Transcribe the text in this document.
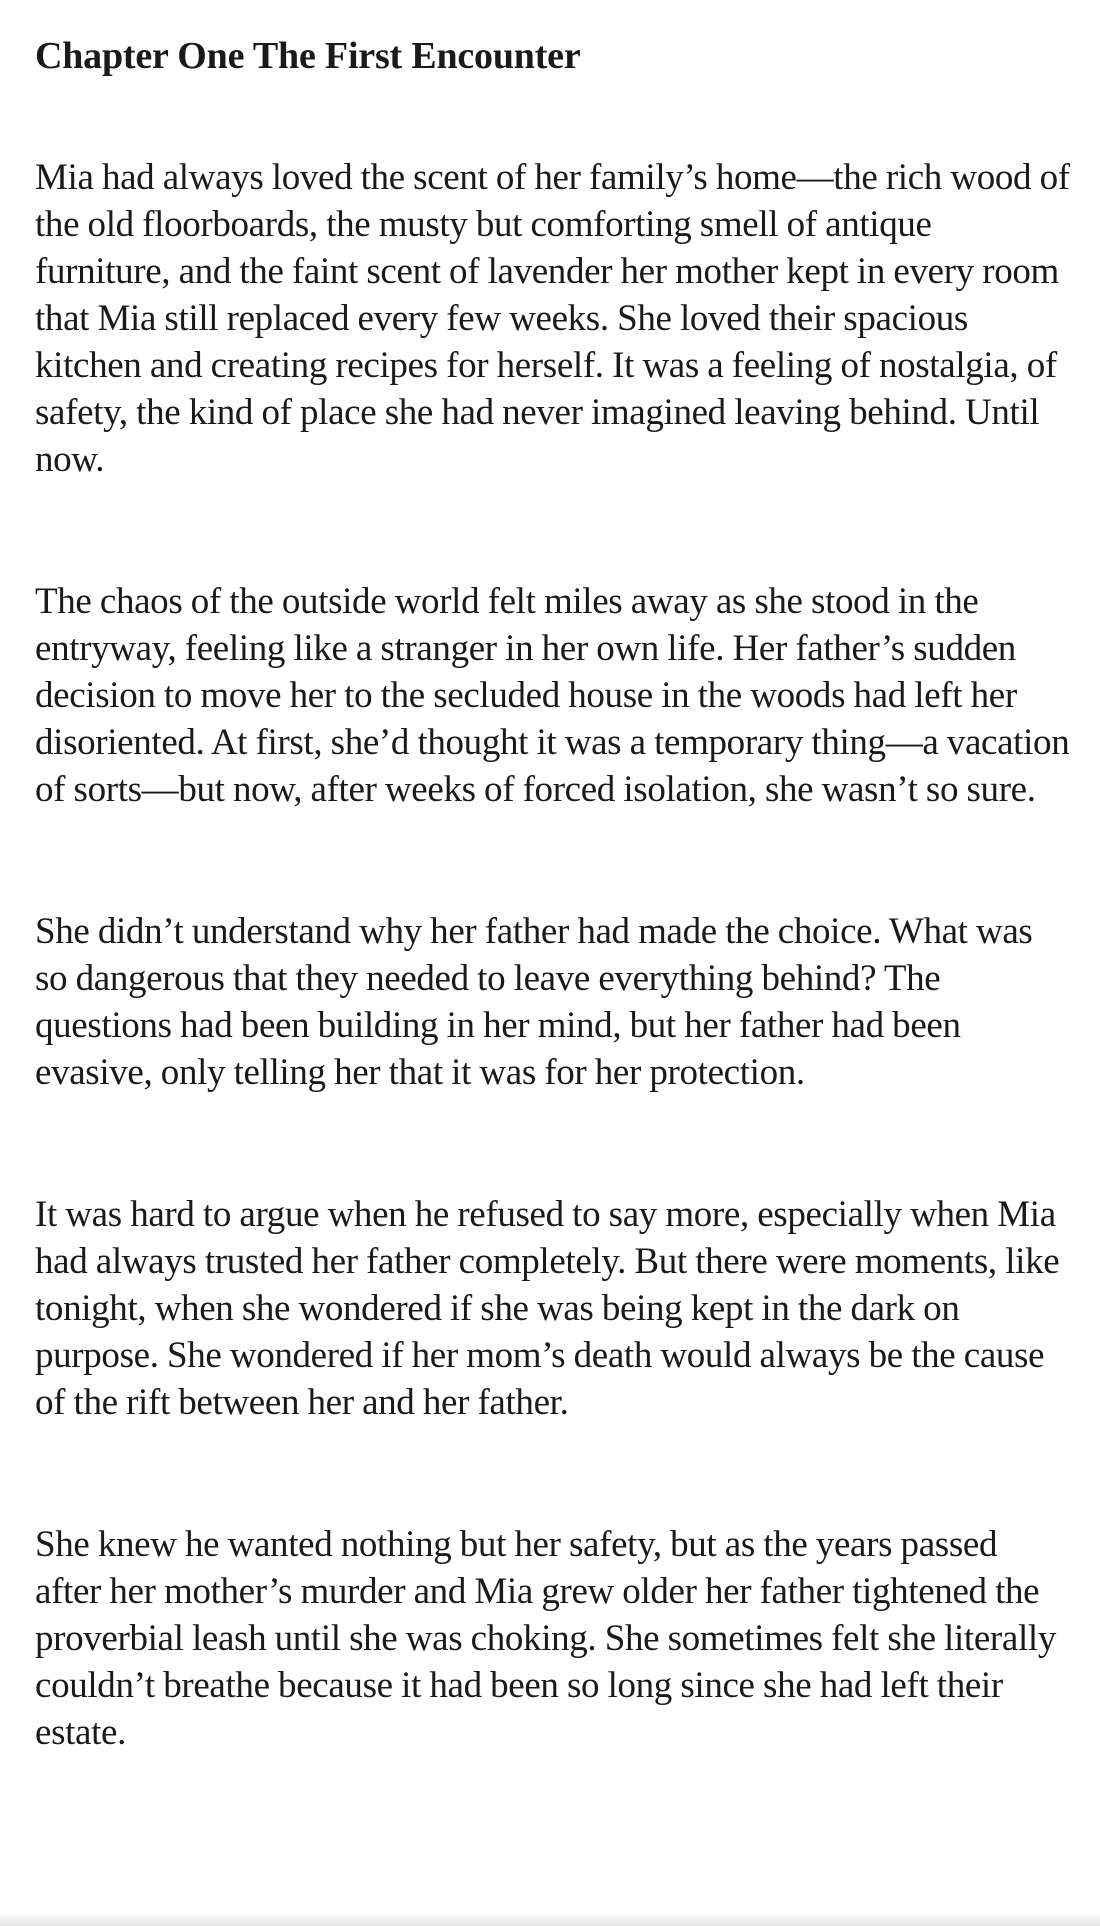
Chapter One The First Encounter

Mia had always loved the scent of her family’s home—the rich wood of the old floorboards, the musty but comforting smell of antique furniture, and the faint scent of lavender her mother kept in every room that Mia still replaced every few weeks. She loved their spacious kitchen and creating recipes for herself. It was a feeling of nostalgia, of safety, the kind of place she had never imagined leaving behind. Until now.

The chaos of the outside world felt miles away as she stood in the entryway, feeling like a stranger in her own life. Her father’s sudden decision to move her to the secluded house in the woods had left her disoriented. At first, she’d thought it was a temporary thing—a vacation of sorts—but now, after weeks of forced isolation, she wasn’t so sure.

She didn’t understand why her father had made the choice. What was so dangerous that they needed to leave everything behind? The questions had been building in her mind, but her father had been evasive, only telling her that it was for her protection.

It was hard to argue when he refused to say more, especially when Mia had always trusted her father completely. But there were moments, like tonight, when she wondered if she was being kept in the dark on purpose. She wondered if her mom’s death would always be the cause of the rift between her and her father.

She knew he wanted nothing but her safety, but as the years passed after her mother’s murder and Mia grew older her father tightened the proverbial leash until she was choking. She sometimes felt she literally couldn’t breathe because it had been so long since she had left their estate.
